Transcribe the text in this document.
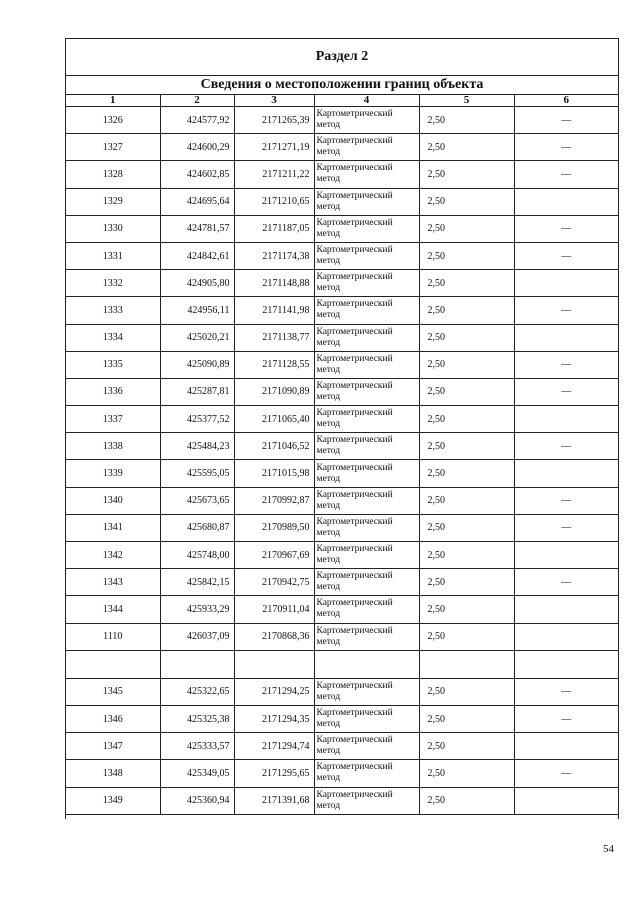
Раздел 2
Сведения о местоположении границ объекта
1	2	3	4	5	6
1326	424577,92	2171265,39	Картометрический
метод	2,50	—
1327	424600,29	2171271,19	Картометрический
метод	2,50	—
1328	424602,85	2171211,22	Картометрический
метод	2,50	—
1329	424695,64	2171210,65	Картометрический
метод	2,50	
1330	424781,57	2171187,05	Картометрический
метод	2,50	—
1331	424842,61	2171174,38	Картометрический
метод	2,50	—
1332	424905,80	2171148,88	Картометрический
метод	2,50	
1333	424956,11	2171141,98	Картометрический
метод	2,50	—
1334	425020,21	2171138,77	Картометрический
метод	2,50	
1335	425090,89	2171128,55	Картометрический
метод	2,50	—
1336	425287,81	2171090,89	Картометрический
метод	2,50	—
1337	425377,52	2171065,40	Картометрический
метод	2,50	
1338	425484,23	2171046,52	Картометрический
метод	2,50	—
1339	425595,05	2171015,98	Картометрический
метод	2,50	
1340	425673,65	2170992,87	Картометрический
метод	2,50	—
1341	425680,87	2170989,50	Картометрический
метод	2,50	—
1342	425748,00	2170967,69	Картометрический
метод	2,50	
1343	425842,15	2170942,75	Картометрический
метод	2,50	—
1344	425933,29	2170911,04	Картометрический
метод	2,50	
1110	426037,09	2170868,36	Картометрический
метод	2,50	

1345	425322,65	2171294,25	Картометрический
метод	2,50	—
1346	425325,38	2171294,35	Картометрический
метод	2,50	—
1347	425333,57	2171294,74	Картометрический
метод	2,50	
1348	425349,05	2171295,65	Картометрический
метод	2,50	—
1349	425360,94	2171391,68	Картометрический
метод	2,50	
54
